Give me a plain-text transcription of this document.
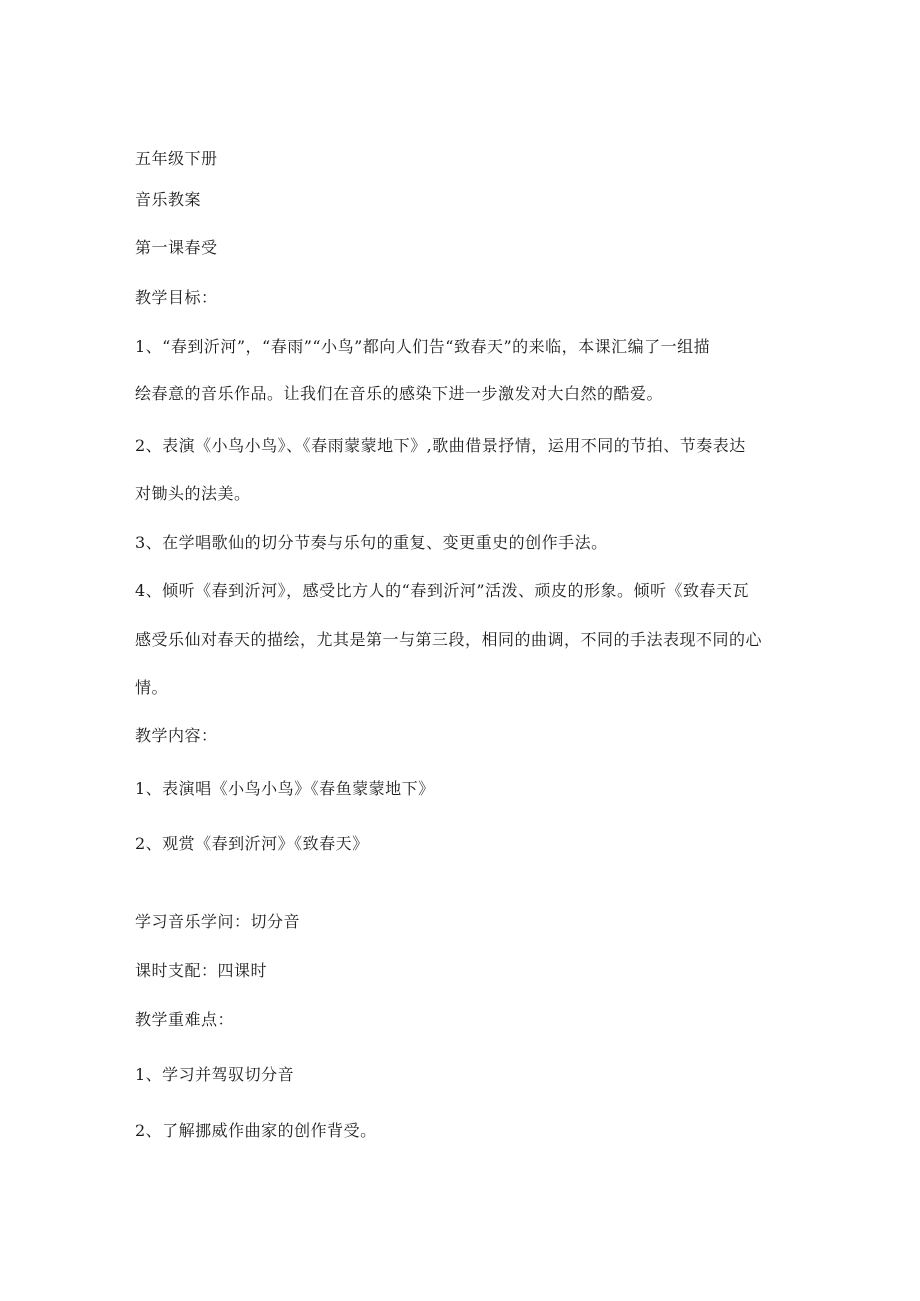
五年级下册

音乐教案

第一课春受

教学目标：

1、“春到沂河”，“春雨”“小鸟”都向人们告“致春天”的来临，本课汇编了一组描

绘春意的音乐作品。让我们在音乐的感染下进一步激发对大白然的酷爱。

2、表演《小鸟小鸟》、《春雨蒙蒙地下》,歌曲借景抒情，运用不同的节拍、节奏表达

对锄头的法美。

3、在学唱歌仙的切分节奏与乐句的重复、变更重史的创作手法。

4、倾听《春到沂河》，感受比方人的“春到沂河”活泼、顽皮的形象。倾听《致春天瓦

感受乐仙对春天的描绘，尤其是第一与第三段，相同的曲调，不同的手法表现不同的心

情。

教学内容：

1、表演唱《小鸟小鸟》《春鱼蒙蒙地下》

2、观赏《春到沂河》《致春天》

学习音乐学问：切分音

课时支配：四课时

教学重难点：

1、学习并驾驭切分音

2、了解挪威作曲家的创作背受。
